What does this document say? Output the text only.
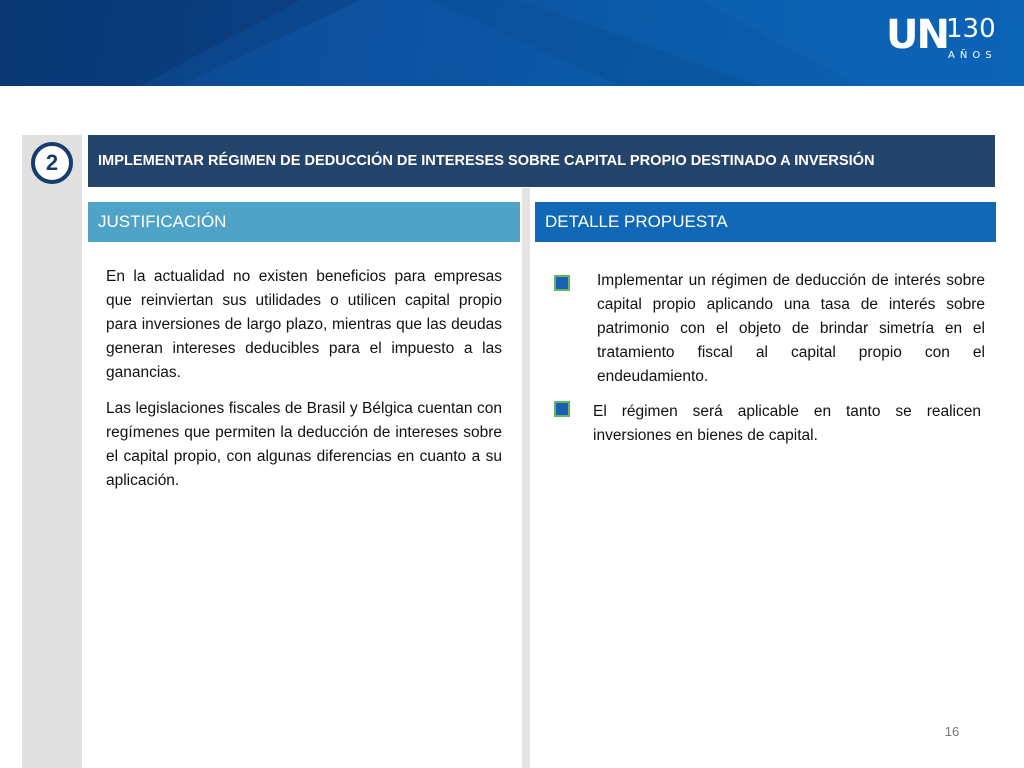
UN
130
AÑOS
2	IMPLEMENTAR RÉGIMEN DE DEDUCCIÓN DE INTERESES SOBRE CAPITAL PROPIO DESTINADO A INVERSIÓN
JUSTIFICACIÓN	DETALLE PROPUESTA

En la actualidad no existen beneficios para empresas que reinviertan sus utilidades o utilicen capital propio para inversiones de largo plazo, mientras que las deudas generan intereses deducibles para el impuesto a las ganancias.

Las legislaciones fiscales de Brasil y Bélgica cuentan con regímenes que permiten la deducción de intereses sobre el capital propio, con algunas diferencias en cuanto a su aplicación.

Implementar un régimen de deducción de interés sobre capital propio aplicando una tasa de interés sobre patrimonio con el objeto de brindar simetría en el tratamiento fiscal al capital propio con el endeudamiento.
El régimen será aplicable en tanto se realicen inversiones en bienes de capital.
16
